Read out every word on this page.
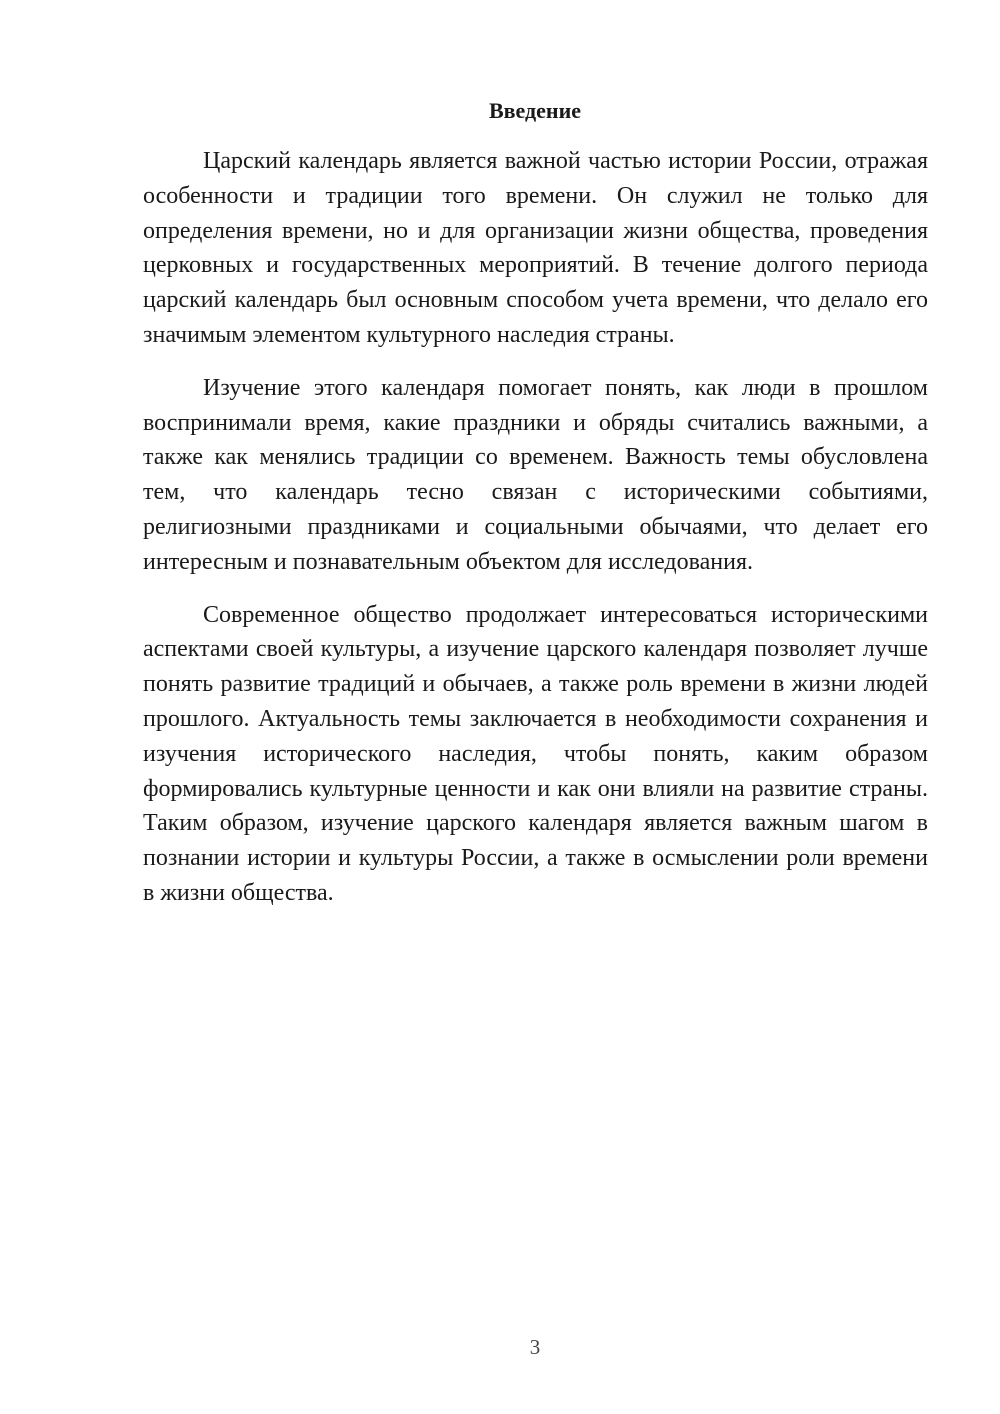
Введение

Царский календарь является важной частью истории России, отражая особенности и традиции того времени. Он служил не только для определения времени, но и для организации жизни общества, проведения церковных и государственных мероприятий. В течение долгого периода царский календарь был основным способом учета времени, что делало его значимым элементом культурного наследия страны.

Изучение этого календаря помогает понять, как люди в прошлом воспринимали время, какие праздники и обряды считались важными, а также как менялись традиции со временем. Важность темы обусловлена тем, что календарь тесно связан с историческими событиями, религиозными праздниками и социальными обычаями, что делает его интересным и познавательным объектом для исследования.

Современное общество продолжает интересоваться историческими аспектами своей культуры, а изучение царского календаря позволяет лучше понять развитие традиций и обычаев, а также роль времени в жизни людей прошлого. Актуальность темы заключается в необходимости сохранения и изучения исторического наследия, чтобы понять, каким образом формировались культурные ценности и как они влияли на развитие страны. Таким образом, изучение царского календаря является важным шагом в познании истории и культуры России, а также в осмыслении роли времени в жизни общества.

3
